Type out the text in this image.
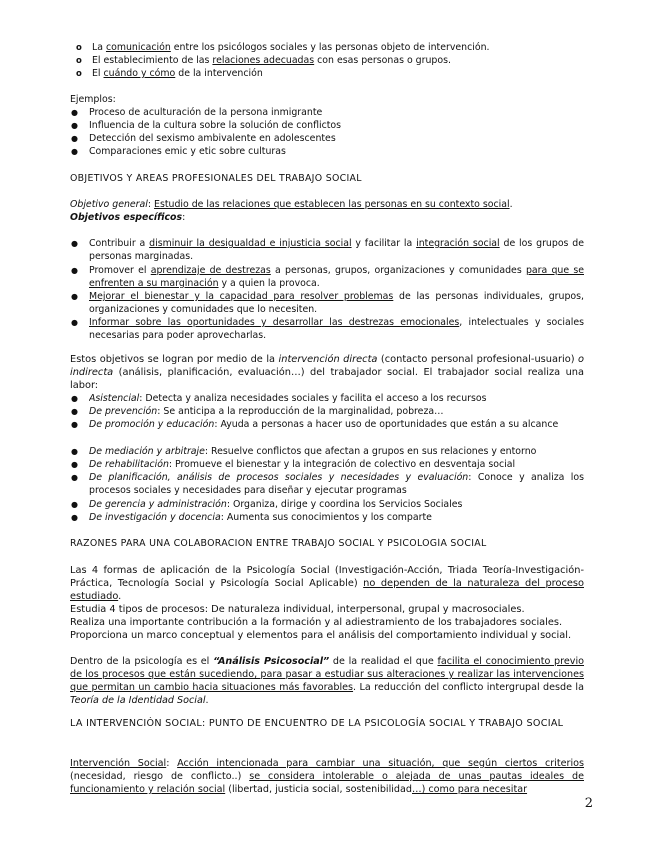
o La comunicación entre los psicólogos sociales y las personas objeto de intervención.
o El establecimiento de las relaciones adecuadas con esas personas o grupos.
o El cuándo y cómo de la intervención
Ejemplos:
● Proceso de aculturación de la persona inmigrante
● Influencia de la cultura sobre la solución de conflictos
● Detección del sexismo ambivalente en adolescentes
● Comparaciones emic y etic sobre culturas
OBJETIVOS Y ÁREAS PROFESIONALES DEL TRABAJO SOCIAL
Objetivo general: Estudio de las relaciones que establecen las personas en su contexto social.
Objetivos específicos:
● Contribuir a disminuir la desigualdad e injusticia social y facilitar la integración social de los grupos de personas marginadas.
● Promover el aprendizaje de destrezas a personas, grupos, organizaciones y comunidades para que se enfrenten a su marginación y a quien la provoca.
● Mejorar el bienestar y la capacidad para resolver problemas de las personas individuales, grupos, organizaciones y comunidades que lo necesiten.
● Informar sobre las oportunidades y desarrollar las destrezas emocionales, intelectuales y sociales necesarias para poder aprovecharlas.
Estos objetivos se logran por medio de la intervención directa (contacto personal profesional-usuario) o indirecta (análisis, planificación, evaluación…) del trabajador social. El trabajador social realiza una labor:
● Asistencial: Detecta y analiza necesidades sociales y facilita el acceso a los recursos
● De prevención: Se anticipa a la reproducción de la marginalidad, pobreza…
● De promoción y educación: Ayuda a personas a hacer uso de oportunidades que están a su alcance
● De mediación y arbitraje: Resuelve conflictos que afectan a grupos en sus relaciones y entorno
● De rehabilitación: Promueve el bienestar y la integración de colectivo en desventaja social
● De planificación, análisis de procesos sociales y necesidades y evaluación: Conoce y analiza los procesos sociales y necesidades para diseñar y ejecutar programas
● De gerencia y administración: Organiza, dirige y coordina los Servicios Sociales
● De investigación y docencia: Aumenta sus conocimientos y los comparte
RAZONES PARA UNA COLABORACIÓN ENTRE TRABAJO SOCIAL Y PSICOLOGÍA SOCIAL
Las 4 formas de aplicación de la Psicología Social (Investigación-Acción, Triada Teoría-Investigación-Práctica, Tecnología Social y Psicología Social Aplicable) no dependen de la naturaleza del proceso estudiado.
Estudia 4 tipos de procesos: De naturaleza individual, interpersonal, grupal y macrosociales.
Realiza una importante contribución a la formación y al adiestramiento de los trabajadores sociales.
Proporciona un marco conceptual y elementos para el análisis del comportamiento individual y social.
Dentro de la psicología es el “Análisis Psicosocial” de la realidad el que facilita el conocimiento previo de los procesos que están sucediendo, para pasar a estudiar sus alteraciones y realizar las intervenciones que permitan un cambio hacia situaciones más favorables. La reducción del conflicto intergrupal desde la Teoría de la Identidad Social.
LA INTERVENCIÓN SOCIAL: PUNTO DE ENCUENTRO DE LA PSICOLOGÍA SOCIAL Y TRABAJO SOCIAL
Intervención Social: Acción intencionada para cambiar una situación, que según ciertos criterios (necesidad, riesgo de conflicto..) se considera intolerable o alejada de unas pautas ideales de funcionamiento y relación social (libertad, justicia social, sostenibilidad…) como para necesitar
2
